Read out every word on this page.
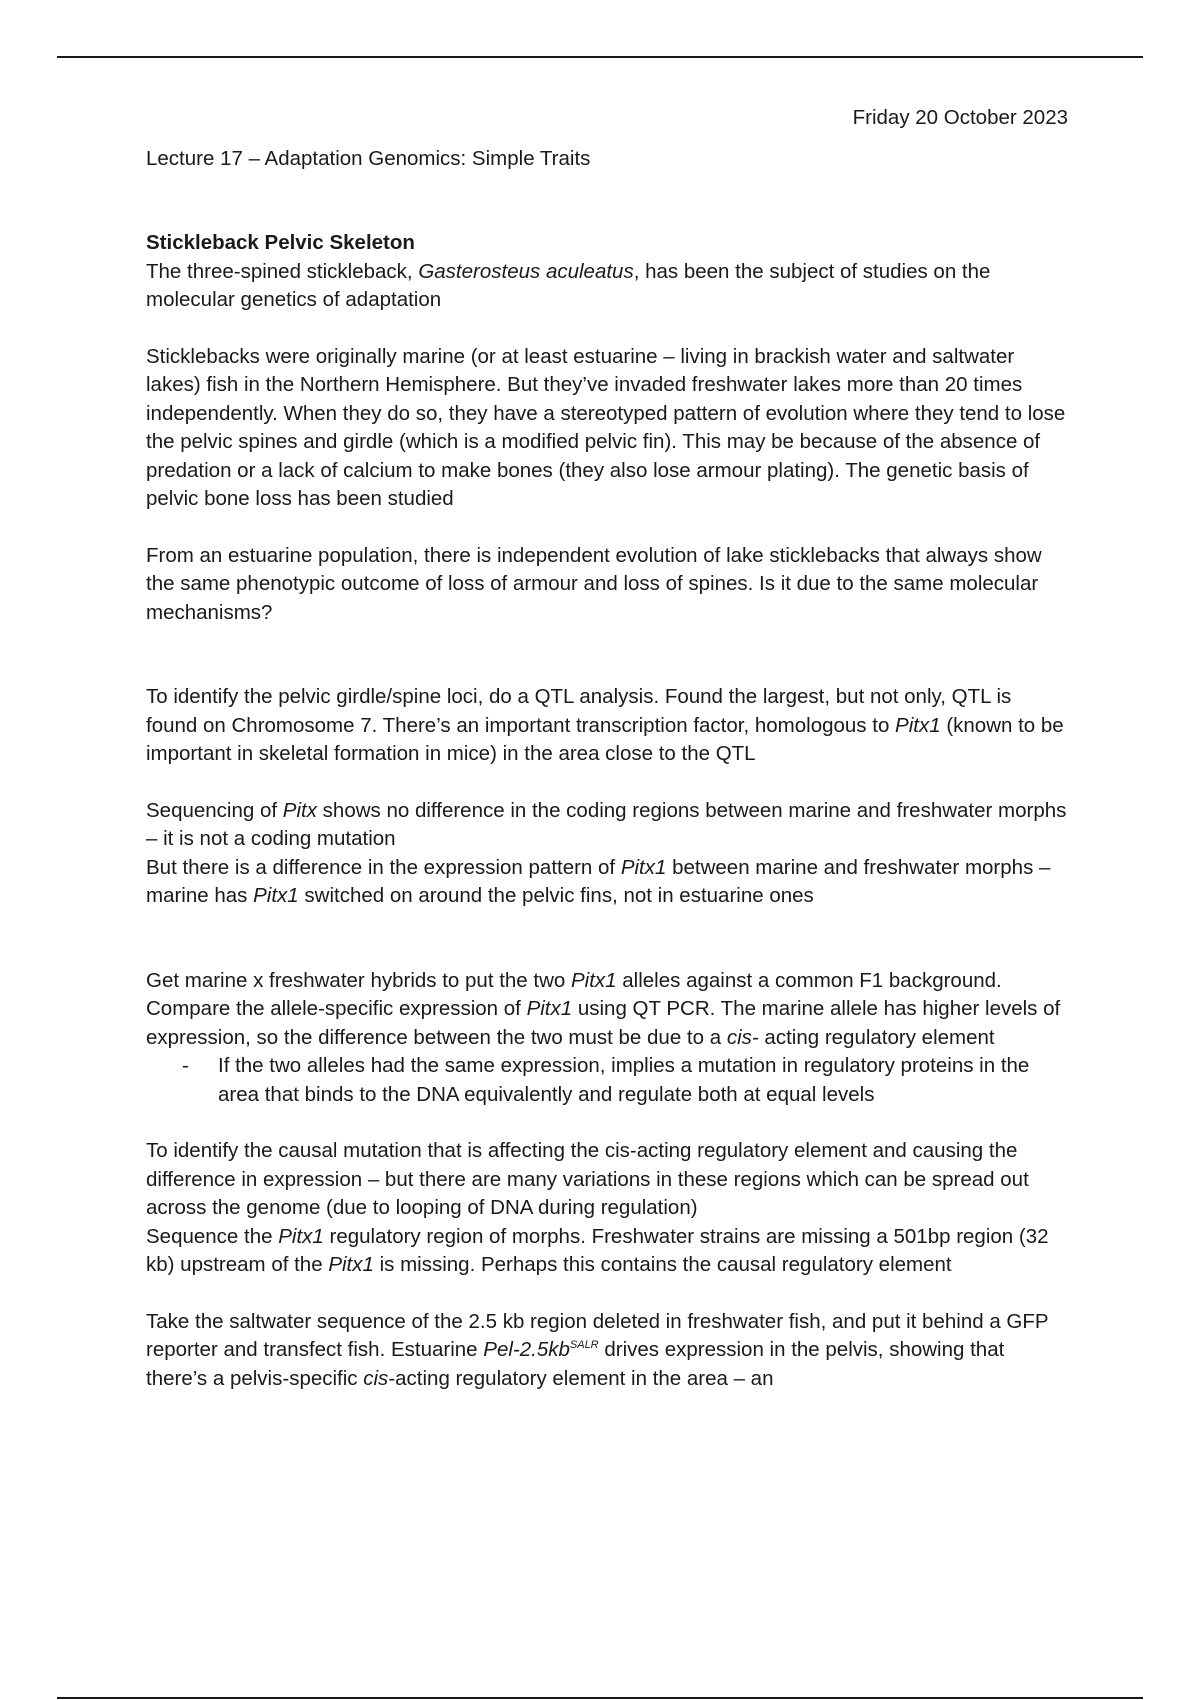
Friday 20 October 2023

Lecture 17 – Adaptation Genomics: Simple Traits

Stickleback Pelvic Skeleton

The three-spined stickleback, Gasterosteus aculeatus, has been the subject of studies on the molecular genetics of adaptation

Sticklebacks were originally marine (or at least estuarine – living in brackish water and saltwater lakes) fish in the Northern Hemisphere. But they’ve invaded freshwater lakes more than 20 times independently. When they do so, they have a stereotyped pattern of evolution where they tend to lose the pelvic spines and girdle (which is a modified pelvic fin). This may be because of the absence of predation or a lack of calcium to make bones (they also lose armour plating). The genetic basis of pelvic bone loss has been studied

From an estuarine population, there is independent evolution of lake sticklebacks that always show the same phenotypic outcome of loss of armour and loss of spines. Is it due to the same molecular mechanisms?

To identify the pelvic girdle/spine loci, do a QTL analysis. Found the largest, but not only, QTL is found on Chromosome 7. There’s an important transcription factor, homologous to Pitx1 (known to be important in skeletal formation in mice) in the area close to the QTL

Sequencing of Pitx shows no difference in the coding regions between marine and freshwater morphs – it is not a coding mutation

But there is a difference in the expression pattern of Pitx1 between marine and freshwater morphs – marine has Pitx1 switched on around the pelvic fins, not in estuarine ones

Get marine x freshwater hybrids to put the two Pitx1 alleles against a common F1 background. Compare the allele-specific expression of Pitx1 using QT PCR. The marine allele has higher levels of expression, so the difference between the two must be due to a cis- acting regulatory element

-	If the two alleles had the same expression, implies a mutation in regulatory proteins in the area that binds to the DNA equivalently and regulate both at equal levels

To identify the causal mutation that is affecting the cis-acting regulatory element and causing the difference in expression – but there are many variations in these regions which can be spread out across the genome (due to looping of DNA during regulation)

Sequence the Pitx1 regulatory region of morphs. Freshwater strains are missing a 501bp region (32 kb) upstream of the Pitx1 is missing. Perhaps this contains the causal regulatory element

Take the saltwater sequence of the 2.5 kb region deleted in freshwater fish, and put it behind a GFP reporter and transfect fish. Estuarine Pel-$2.5kb^{SALR}$ drives expression in the pelvis, showing that there’s a pelvis-specific cis-acting regulatory element in the area – an
